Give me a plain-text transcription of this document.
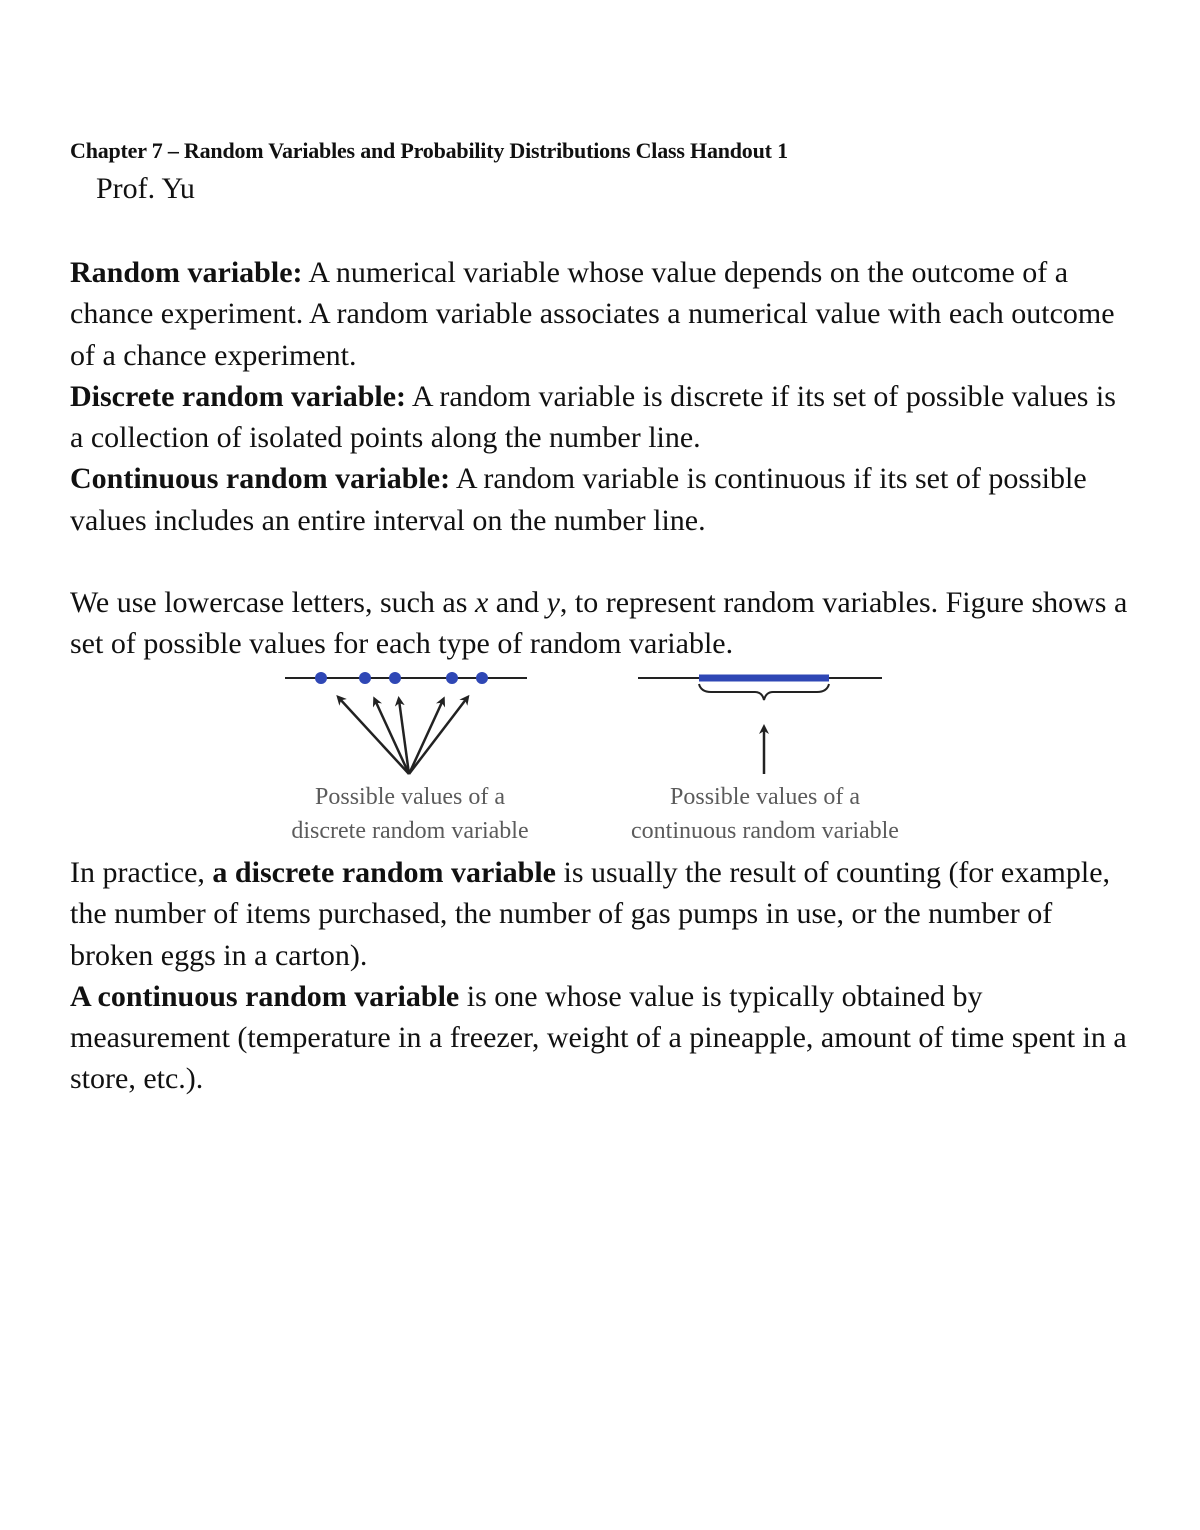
Chapter 7 – Random Variables and Probability Distributions Class Handout 1
Prof. Yu
Random variable: A numerical variable whose value depends on the outcome of a chance experiment. A random variable associates a numerical value with each outcome of a chance experiment.
Discrete random variable: A random variable is discrete if its set of possible values is a collection of isolated points along the number line.
Continuous random variable: A random variable is continuous if its set of possible values includes an entire interval on the number line.
We use lowercase letters, such as x and y, to represent random variables. Figure shows a set of possible values for each type of random variable.
Possible values of a
discrete random variable
Possible values of a
continuous random variable
In practice, a discrete random variable is usually the result of counting (for example, the number of items purchased, the number of gas pumps in use, or the number of broken eggs in a carton).
A continuous random variable is one whose value is typically obtained by measurement (temperature in a freezer, weight of a pineapple, amount of time spent in a store, etc.).
